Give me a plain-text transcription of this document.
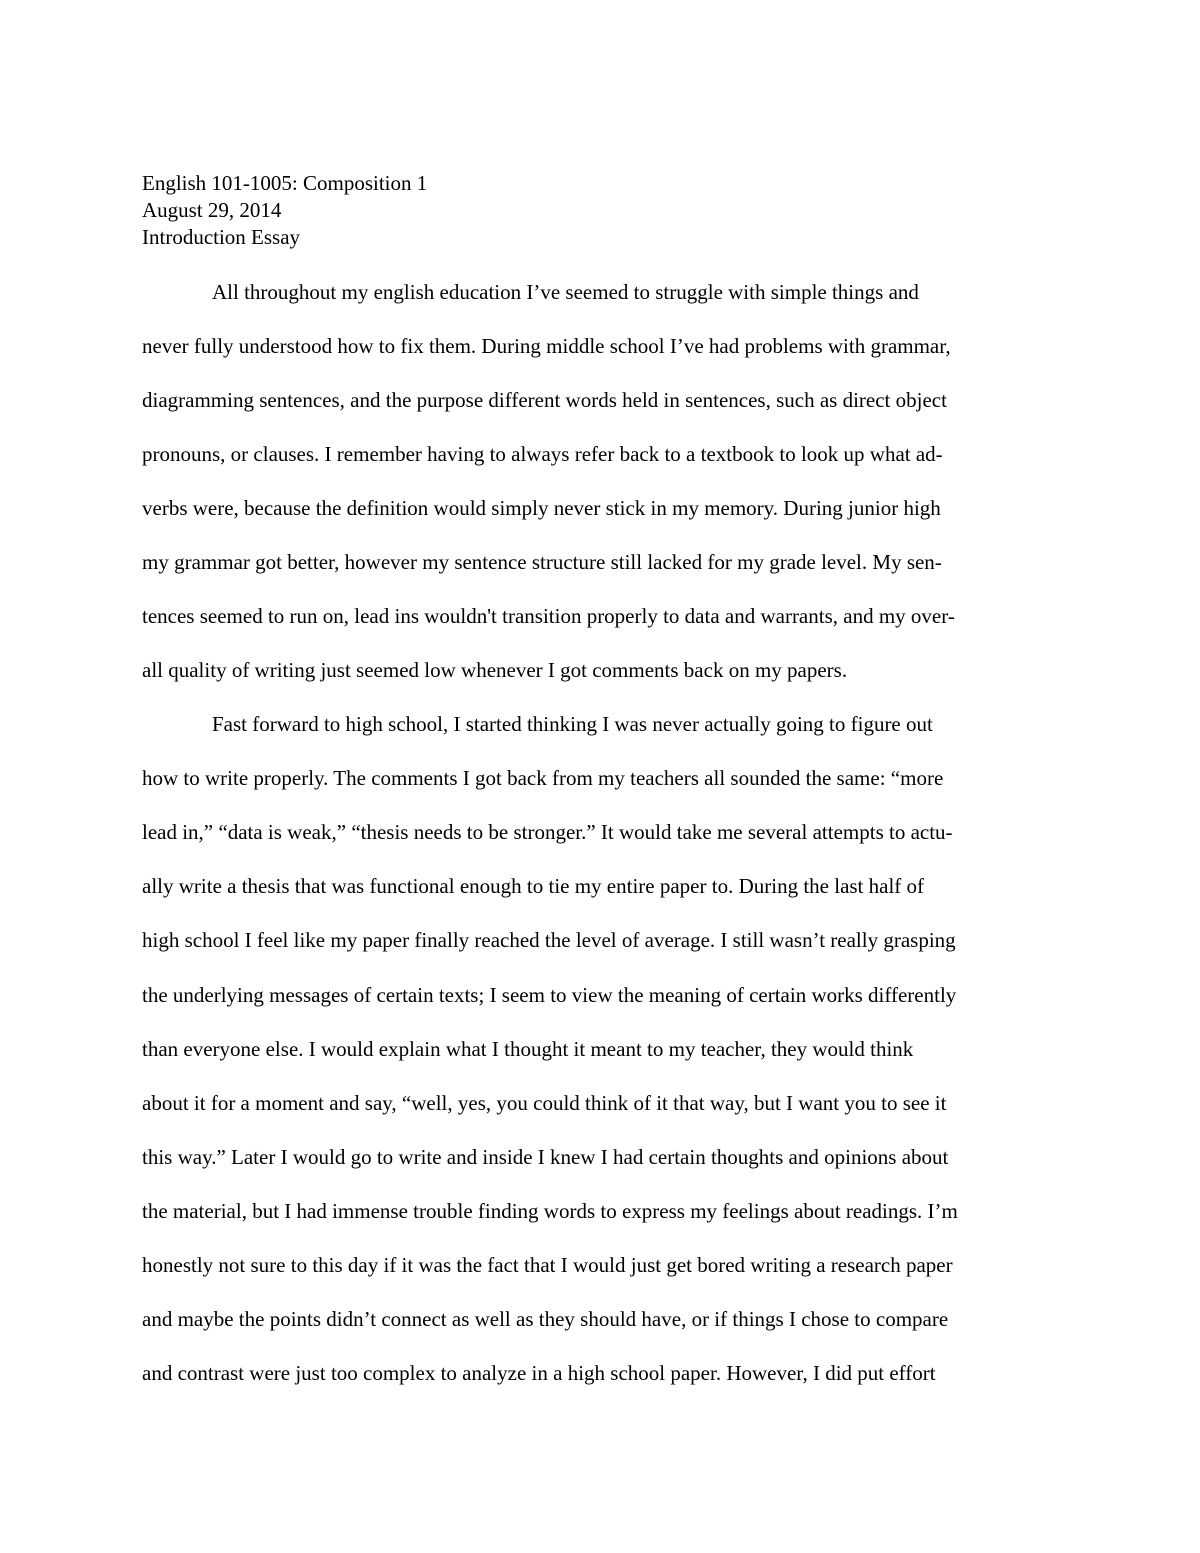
English 101-1005: Composition 1
August 29, 2014
Introduction Essay
All throughout my english education I’ve seemed to struggle with simple things and
never fully understood how to fix them. During middle school I’ve had problems with grammar,
diagramming sentences, and the purpose different words held in sentences, such as direct object
pronouns, or clauses. I remember having to always refer back to a textbook to look up what ad-
verbs were, because the definition would simply never stick in my memory. During junior high
my grammar got better, however my sentence structure still lacked for my grade level. My sen-
tences seemed to run on, lead ins wouldn't transition properly to data and warrants, and my over-
all quality of writing just seemed low whenever I got comments back on my papers.
Fast forward to high school, I started thinking I was never actually going to figure out
how to write properly. The comments I got back from my teachers all sounded the same: “more
lead in,” “data is weak,” “thesis needs to be stronger.” It would take me several attempts to actu-
ally write a thesis that was functional enough to tie my entire paper to. During the last half of
high school I feel like my paper finally reached the level of average. I still wasn’t really grasping
the underlying messages of certain texts; I seem to view the meaning of certain works differently
than everyone else. I would explain what I thought it meant to my teacher, they would think
about it for a moment and say, “well, yes, you could think of it that way, but I want you to see it
this way.” Later I would go to write and inside I knew I had certain thoughts and opinions about
the material, but I had immense trouble finding words to express my feelings about readings. I’m
honestly not sure to this day if it was the fact that I would just get bored writing a research paper
and maybe the points didn’t connect as well as they should have, or if things I chose to compare
and contrast were just too complex to analyze in a high school paper. However, I did put effort
